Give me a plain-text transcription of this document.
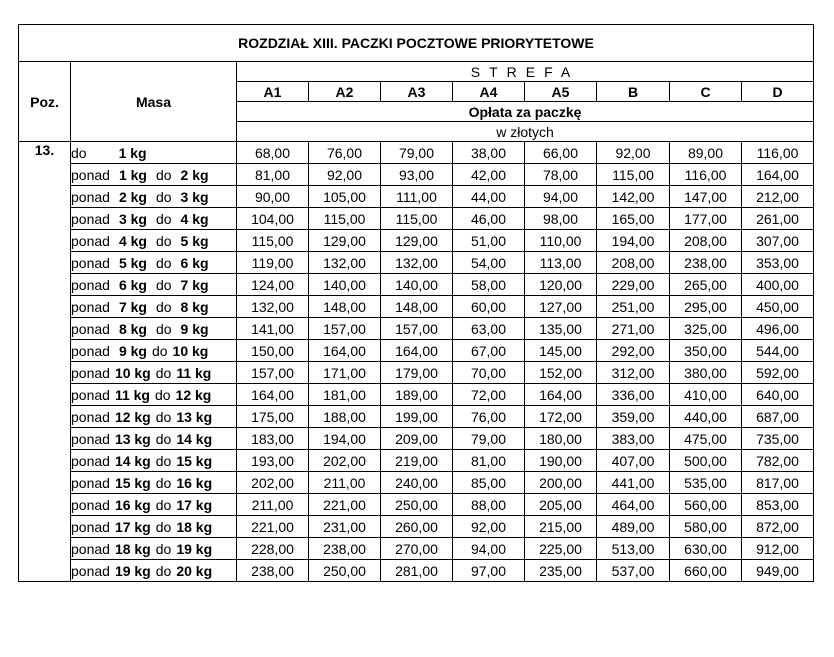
ROZDZIAŁ XIII. PACZKI POCZTOWE PRIORYTETOWE									
Poz.	Masa	STREFA							
		A1	A2	A3	A4	A5	B	C	D
		Opłata za paczkę							
		w złotych							
13.	do 1 kg	68,00	76,00	79,00	38,00	66,00	92,00	89,00	116,00
	ponad 1 kg do 2 kg	81,00	92,00	93,00	42,00	78,00	115,00	116,00	164,00
	ponad 2 kg do 3 kg	90,00	105,00	111,00	44,00	94,00	142,00	147,00	212,00
	ponad 3 kg do 4 kg	104,00	115,00	115,00	46,00	98,00	165,00	177,00	261,00
	ponad 4 kg do 5 kg	115,00	129,00	129,00	51,00	110,00	194,00	208,00	307,00
	ponad 5 kg do 6 kg	119,00	132,00	132,00	54,00	113,00	208,00	238,00	353,00
	ponad 6 kg do 7 kg	124,00	140,00	140,00	58,00	120,00	229,00	265,00	400,00
	ponad 7 kg do 8 kg	132,00	148,00	148,00	60,00	127,00	251,00	295,00	450,00
	ponad 8 kg do 9 kg	141,00	157,00	157,00	63,00	135,00	271,00	325,00	496,00
	ponad 9 kg do 10 kg	150,00	164,00	164,00	67,00	145,00	292,00	350,00	544,00
	ponad 10 kg do 11 kg	157,00	171,00	179,00	70,00	152,00	312,00	380,00	592,00
	ponad 11 kg do 12 kg	164,00	181,00	189,00	72,00	164,00	336,00	410,00	640,00
	ponad 12 kg do 13 kg	175,00	188,00	199,00	76,00	172,00	359,00	440,00	687,00
	ponad 13 kg do 14 kg	183,00	194,00	209,00	79,00	180,00	383,00	475,00	735,00
	ponad 14 kg do 15 kg	193,00	202,00	219,00	81,00	190,00	407,00	500,00	782,00
	ponad 15 kg do 16 kg	202,00	211,00	240,00	85,00	200,00	441,00	535,00	817,00
	ponad 16 kg do 17 kg	211,00	221,00	250,00	88,00	205,00	464,00	560,00	853,00
	ponad 17 kg do 18 kg	221,00	231,00	260,00	92,00	215,00	489,00	580,00	872,00
	ponad 18 kg do 19 kg	228,00	238,00	270,00	94,00	225,00	513,00	630,00	912,00
	ponad 19 kg do 20 kg	238,00	250,00	281,00	97,00	235,00	537,00	660,00	949,00
